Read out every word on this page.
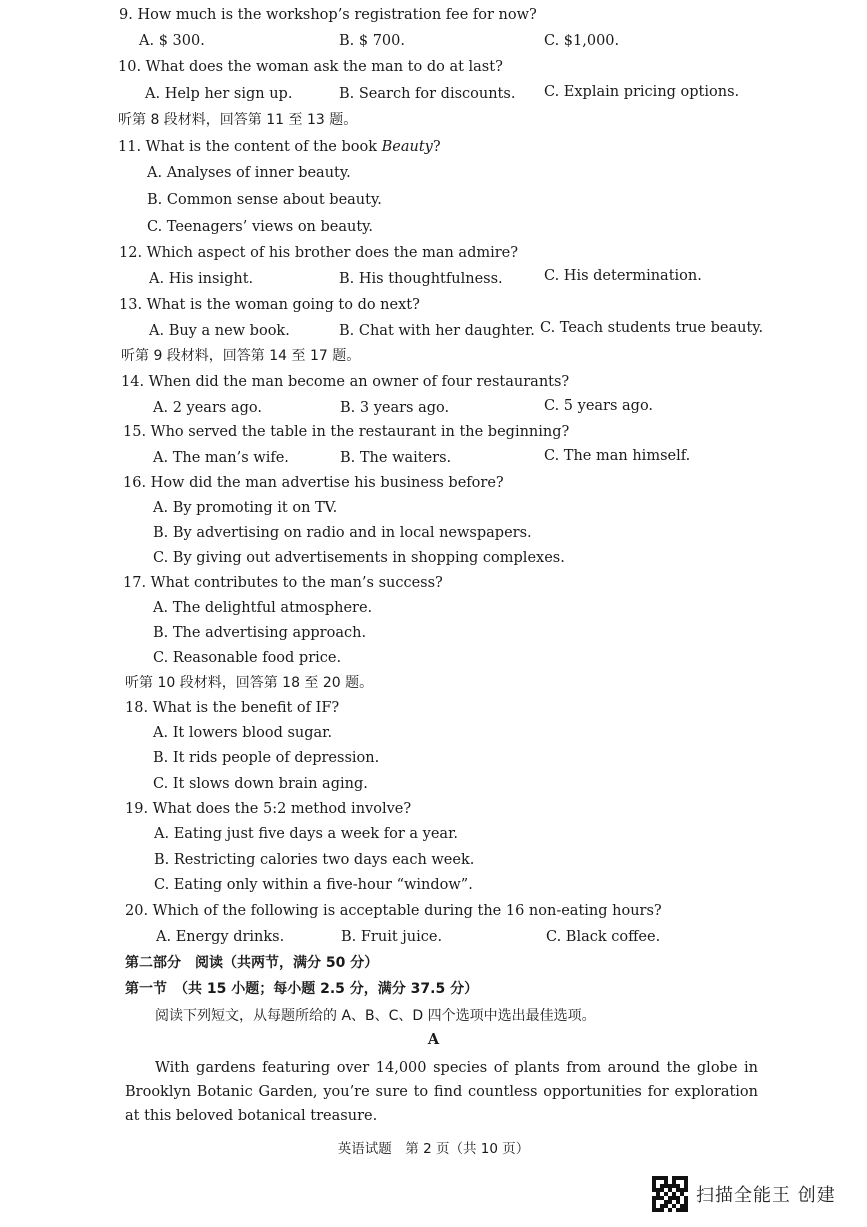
9. How much is the workshop’s registration fee for now?
A. $ 300.	B. $ 700.	C. $1,000.
10. What does the woman ask the man to do at last?
A. Help her sign up.	B. Search for discounts. C. Explain pricing options.
听第 8 段材料，回答第 11 至 13 题。
11. What is the content of the book Beauty?
A. Analyses of inner beauty.
B. Common sense about beauty.
C. Teenagers’ views on beauty.
12. Which aspect of his brother does the man admire?
A. His insight.	B. His thoughtfulness.	C. His determination.
13. What is the woman going to do next?
A. Buy a new book.	B. Chat with her daughter. C. Teach students true beauty.
听第 9 段材料，回答第 14 至 17 题。
14. When did the man become an owner of four restaurants?
A. 2 years ago.	B. 3 years ago.	C. 5 years ago.
15. Who served the table in the restaurant in the beginning?
A. The man’s wife.	B. The waiters.	C. The man himself.
16. How did the man advertise his business before?
A. By promoting it on TV.
B. By advertising on radio and in local newspapers.
C. By giving out advertisements in shopping complexes.
17. What contributes to the man’s success?
A. The delightful atmosphere.
B. The advertising approach.
C. Reasonable food price.
听第 10 段材料，回答第 18 至 20 题。
18. What is the benefit of IF?
A. It lowers blood sugar.
B. It rids people of depression.
C. It slows down brain aging.
19. What does the 5:2 method involve?
A. Eating just five days a week for a year.
B. Restricting calories two days each week.
C. Eating only within a five-hour “window”.
20. Which of the following is acceptable during the 16 non-eating hours?
A. Energy drinks.	B. Fruit juice.	C. Black coffee.
第二部分　阅读（共两节，满分 50 分）
第一节　（共 15 小题；每小题 2.5 分，满分 37.5 分）
阅读下列短文，从每题所给的 A、B、C、D 四个选项中选出最佳选项。
A
With gardens featuring over 14,000 species of plants from around the globe in Brooklyn Botanic Garden, you’re sure to find countless opportunities for exploration at this beloved botanical treasure.
英语试题　第 2 页（共 10 页）
扫描全能王 创建
